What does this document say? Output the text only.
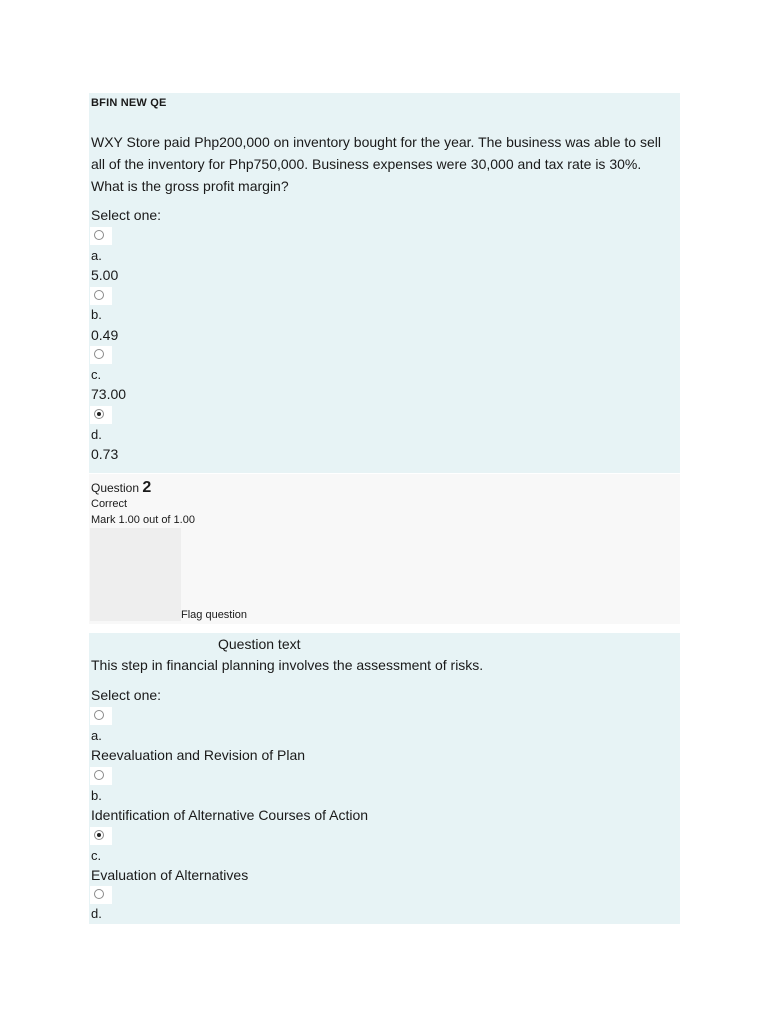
BFIN NEW QE
WXY Store paid Php200,000 on inventory bought for the year. The business was able to sell all of the inventory for Php750,000. Business expenses were 30,000 and tax rate is 30%. What is the gross profit margin?
Select one:
a.
5.00
b.
0.49
c.
73.00
d.
0.73
Question 2
Correct
Mark 1.00 out of 1.00
Flag question
Question text
This step in financial planning involves the assessment of risks.
Select one:
a.
Reevaluation and Revision of Plan
b.
Identification of Alternative Courses of Action
c.
Evaluation of Alternatives
d.
